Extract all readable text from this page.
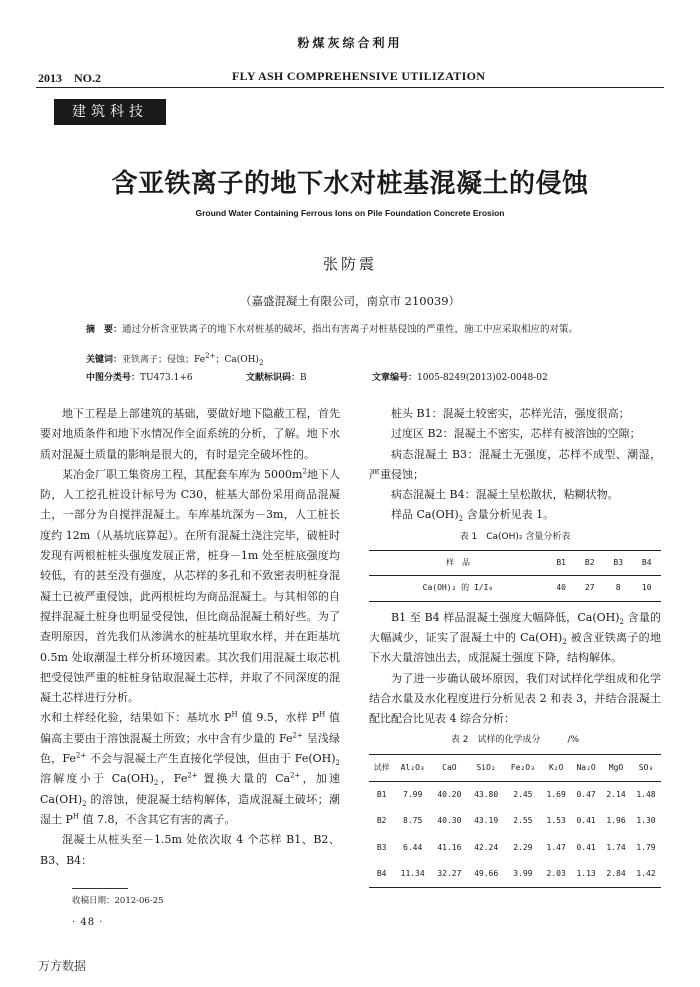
粉煤灰综合利用
2013　NO.2	FLY ASH COMPREHENSIVE UTILIZATION
建筑科技
含亚铁离子的地下水对桩基混凝土的侵蚀
Ground Water Containing Ferrous Ions on Pile Foundation Concrete Erosion
张防震
（嘉盛混凝土有限公司，南京市 210039）
摘　要：通过分析含亚铁离子的地下水对桩基的破坏，指出有害离子对桩基侵蚀的严重性，施工中应采取相应的对策。
关键词：亚铁离子；侵蚀；$Fe^{2+}$；$Ca(OH)_2$
中图分类号：TU473.1+6	文献标识码：B	文章编号：1005-8249(2013)02-0048-02

地下工程是上部建筑的基础，要做好地下隐蔽工程，首先要对地质条件和地下水情况作全面系统的分析，了解。地下水质对混凝土质量的影响是很大的，有时是完全破坏性的。

某冶金厂职工集资房工程，其配套车库为 $5000m^2$地下人防，人工挖孔桩设计标号为 C30，桩基大部份采用商品混凝土，一部分为自搅拌混凝土。车库基坑深为－3m，人工桩长度约 12m（从基坑底算起）。在所有混凝土浇注完毕，破桩时发现有两根桩桩头强度发展正常，桩身－1m 处至桩底强度均较低，有的甚至没有强度，从芯样的多孔和不致密表明桩身混凝土已被严重侵蚀，此两根桩均为商品混凝土。与其相邻的自搅拌混凝土桩身也明显受侵蚀，但比商品混凝土稍好些。为了查明原因，首先我们从渗满水的桩基坑里取水样，并在距基坑 0.5m 处取潮湿土样分析环境因素。其次我们用混凝土取芯机把受侵蚀严重的桩桩身钻取混凝土芯样，并取了不同深度的混凝土芯样进行分析。

水和土样经化验，结果如下：基坑水 $P^H$ 值 9.5，水样 $P^H$ 值偏高主要由于溶蚀混凝土所致；水中含有少量的 $Fe^{2+}$ 呈浅绿色，$Fe^{2+}$ 不会与混凝土产生直接化学侵蚀，但由于 $Fe(OH)_2$ 溶解度小于 $Ca(OH)_2$，$Fe^{2+}$ 置换大量的 $Ca^{2+}$，加速 $Ca(OH)_2$ 的溶蚀，使混凝土结构解体，造成混凝土破坏；潮湿土 $P^H$ 值 7.8，不含其它有害的离子。

混凝土从桩头至－1.5m 处依次取 4 个芯样 B1、B2、B3、B4：

桩头 B1：混凝土较密实，芯样光洁，强度很高；

过度区 B2：混凝土不密实，芯样有被溶蚀的空隙；

病态混凝土 B3：混凝土无强度，芯样不成型、潮湿，严重侵蚀；

病态混凝土 B4：混凝土呈松散状，粘糊状物。

样品 $Ca(OH)_2$ 含量分析见表 1。

表 1　Ca(OH)₂ 含量分析表
样　品	B1	B2	B3	B4
Ca(OH)₂ 的 I/I₀	40	27	8	10

B1 至 B4 样品混凝土强度大幅降低，$Ca(OH)_2$ 含量的大幅减少，证实了混凝土中的 $Ca(OH)_2$ 被含亚铁离子的地下水大量溶蚀出去，成混凝土强度下降，结构解体。

为了进一步确认破坏原因，我们对试样化学组成和化学结合水量及水化程度进行分析见表 2 和表 3，并结合混凝土配比配合比见表 4 综合分析：

表 2　试样的化学成分　　　/%
试样	Al₂O₃	CaO	SiO₂	Fe₂O₃	K₂O	Na₂O	MgO	SO₃
B1	7.99	40.20	43.80	2.45	1.69	0.47	2.14	1.48
B2	8.75	40.30	43.19	2.55	1.53	0.41	1.96	1.30
B3	6.44	41.16	42.24	2.29	1.47	0.41	1.74	1.79
B4	11.34	32.27	49.66	3.99	2.03	1.13	2.84	1.42
收稿日期：2012-06-25
· 48 ·
万方数据
